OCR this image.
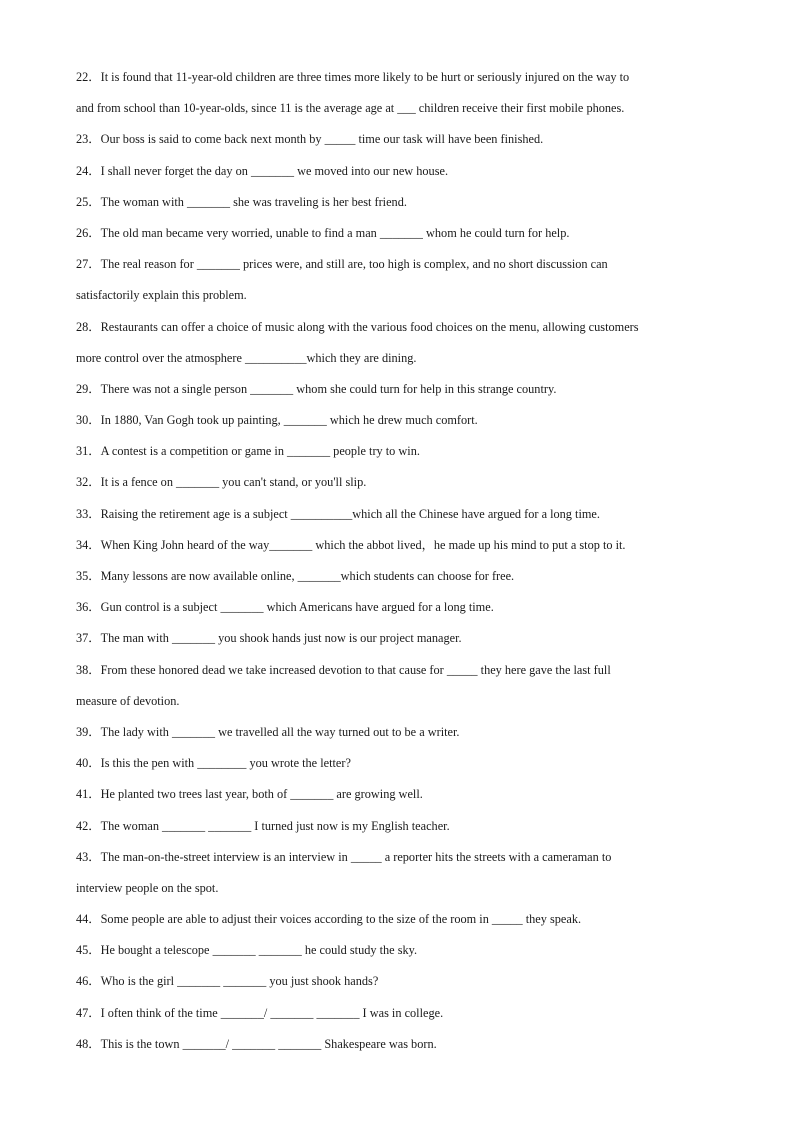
22．It is found that 11-year-old children are three times more likely to be hurt or seriously injured on the way to
and from school than 10-year-olds, since 11 is the average age at ___ children receive their first mobile phones.
23．Our boss is said to come back next month by _____ time our task will have been finished.
24．I shall never forget the day on _______ we moved into our new house.
25．The woman with _______ she was traveling is her best friend.
26．The old man became very worried, unable to find a man _______ whom he could turn for help.
27．The real reason for _______ prices were, and still are, too high is complex, and no short discussion can
satisfactorily explain this problem.
28．Restaurants can offer a choice of music along with the various food choices on the menu, allowing customers
more control over the atmosphere __________which they are dining.
29．There was not a single person _______ whom she could turn for help in this strange country.
30．In 1880, Van Gogh took up painting, _______ which he drew much comfort.
31．A contest is a competition or game in _______ people try to win.
32．It is a fence on _______ you can't stand, or you'll slip.
33．Raising the retirement age is a subject __________which all the Chinese have argued for a long time.
34．When King John heard of the way_______ which the abbot lived，he made up his mind to put a stop to it.
35．Many lessons are now available online, _______which students can choose for free.
36．Gun control is a subject _______ which Americans have argued for a long time.
37．The man with _______ you shook hands just now is our project manager.
38．From these honored dead we take increased devotion to that cause for _____ they here gave the last full
measure of devotion.
39．The lady with _______ we travelled all the way turned out to be a writer.
40．Is this the pen with ________ you wrote the letter?
41．He planted two trees last year, both of _______ are growing well.
42．The woman _______ _______ I turned just now is my English teacher.
43．The man-on-the-street interview is an interview in _____ a reporter hits the streets with a cameraman to
interview people on the spot.
44．Some people are able to adjust their voices according to the size of the room in _____ they speak.
45．He bought a telescope _______ _______ he could study the sky.
46．Who is the girl _______ _______ you just shook hands?
47．I often think of the time _______/ _______ _______ I was in college.
48．This is the town _______/ _______ _______ Shakespeare was born.
